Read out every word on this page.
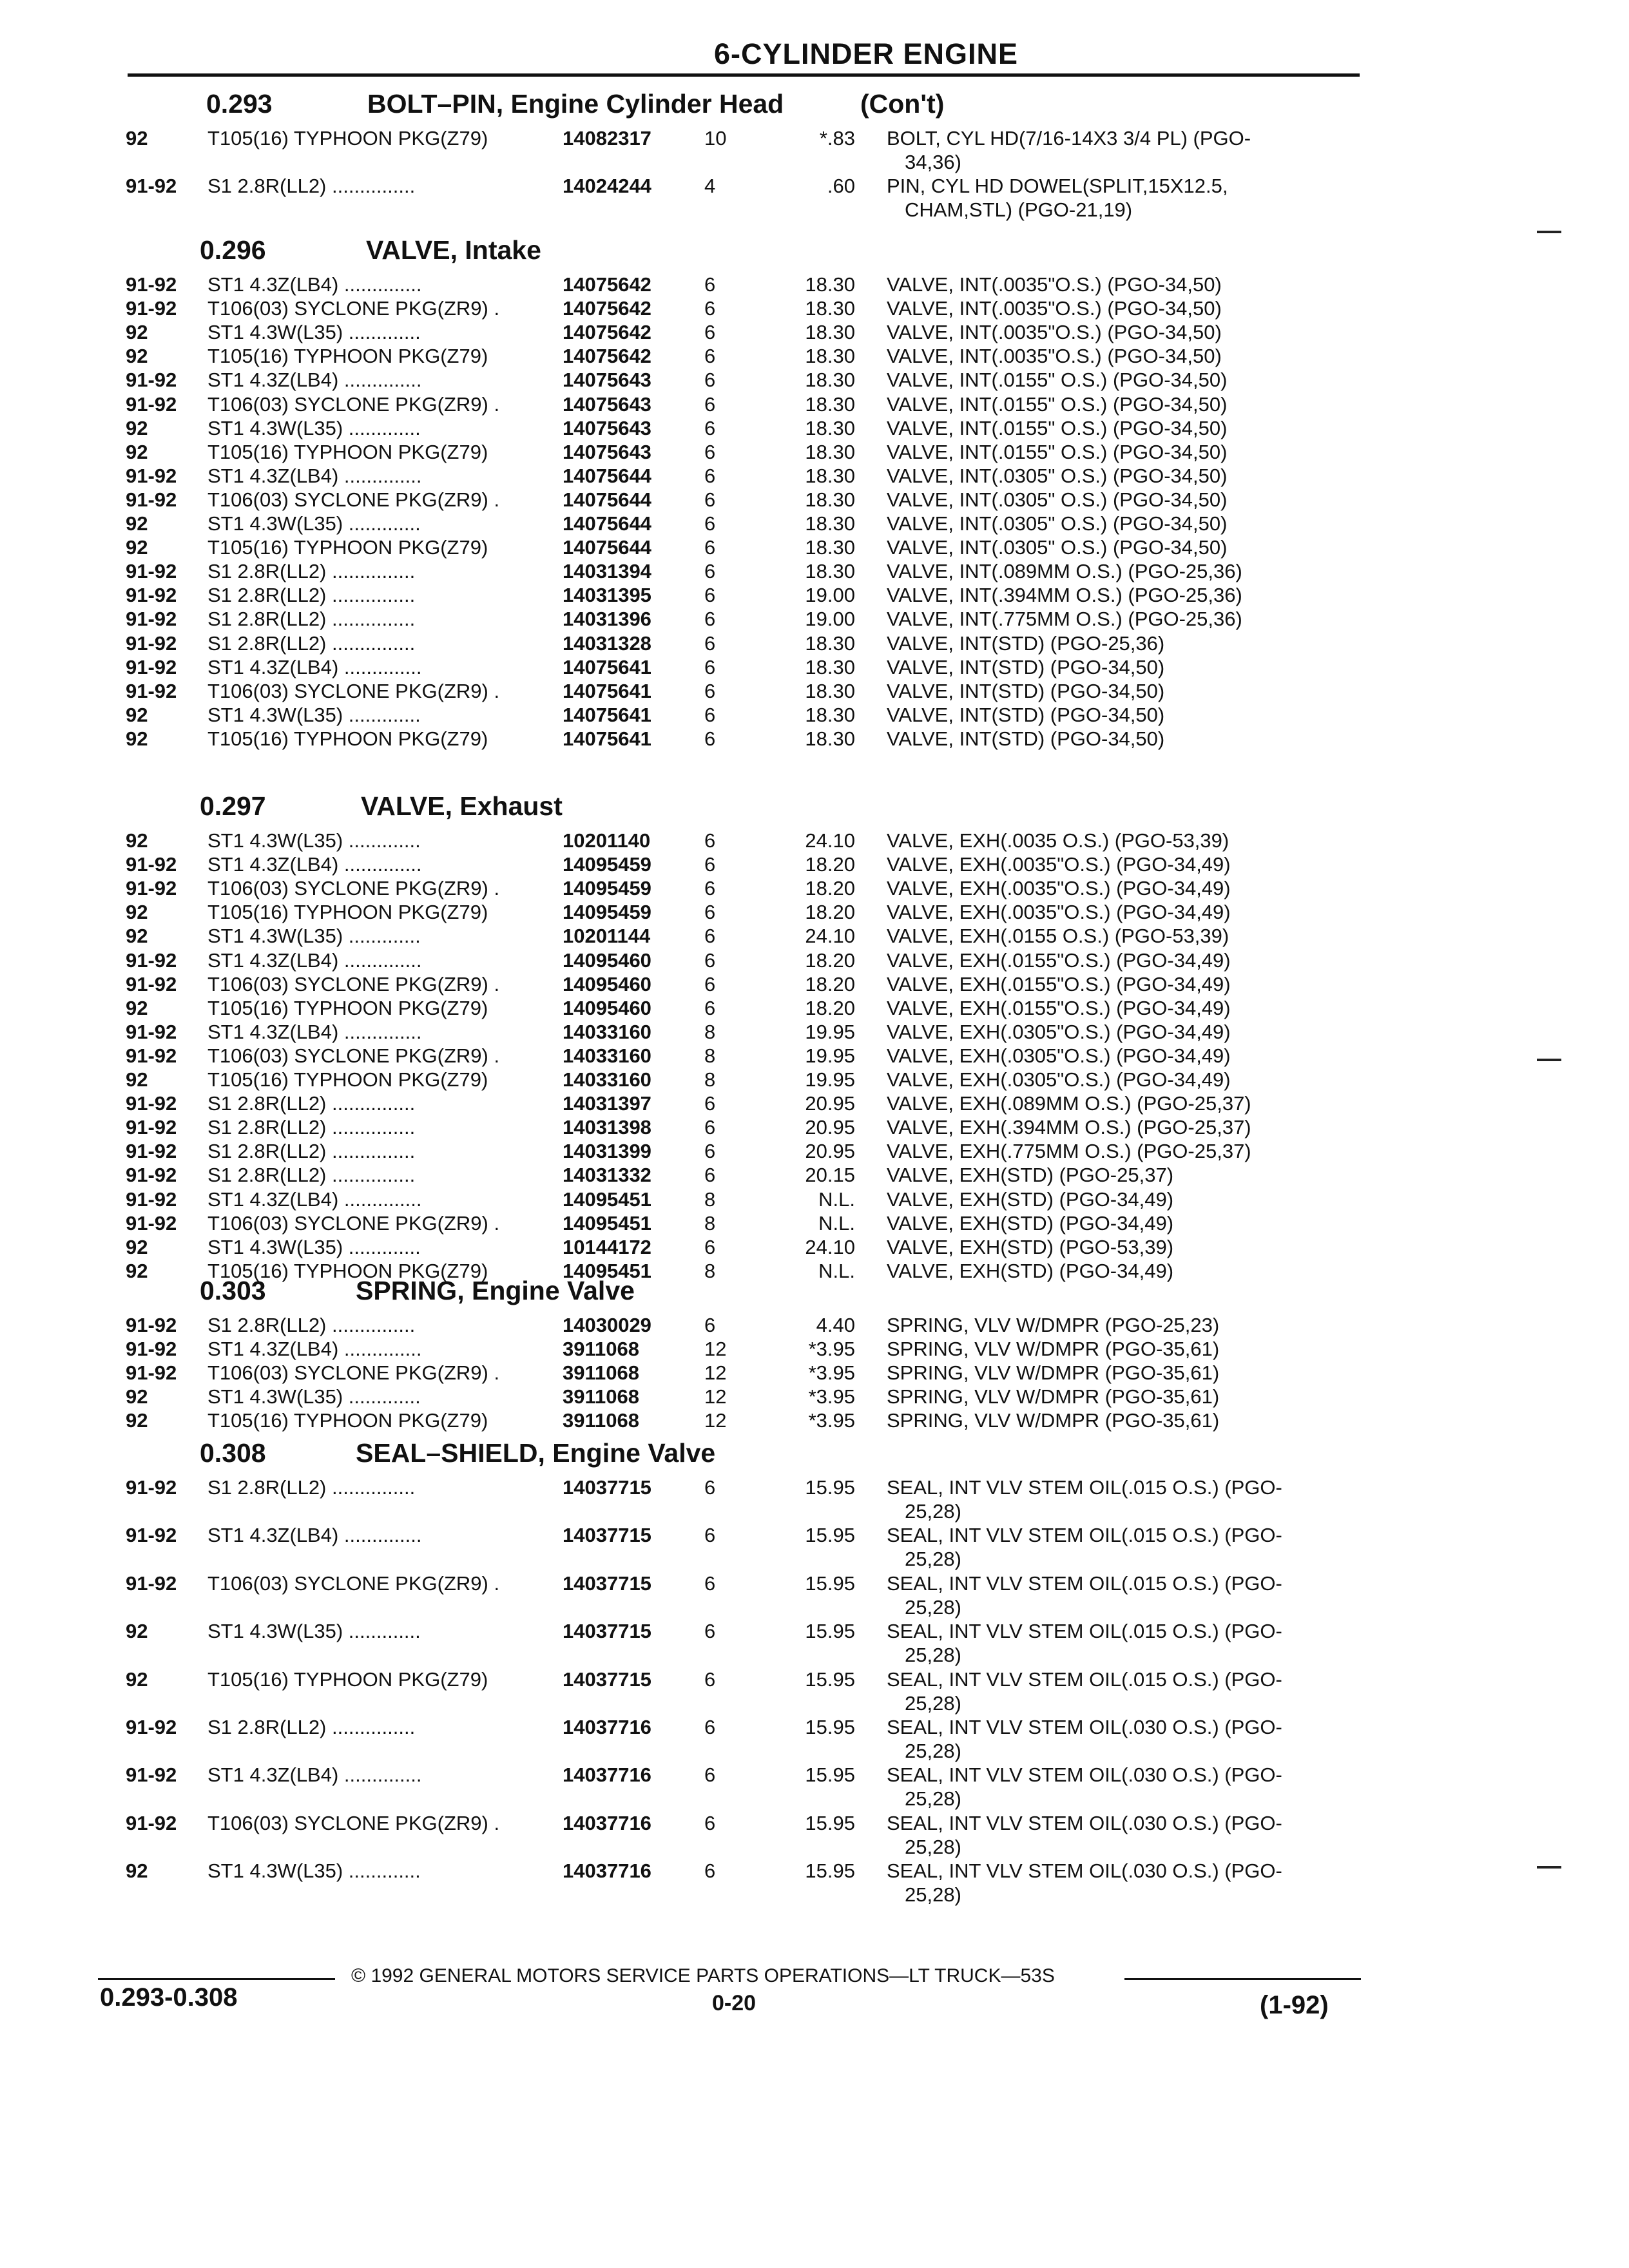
6-CYLINDER ENGINE
0.293	BOLT–PIN, Engine Cylinder Head	(Con't)
92	T105(16) TYPHOON PKG(Z79)	14082317	10	*.83 BOLT, CYL HD(7/16-14X3 3/4 PL) (PGO-
34,36)
91-92 S1 2.8R(LL2) ...............	14024244	4	.60 PIN, CYL HD DOWEL(SPLIT,15X12.5,
CHAM,STL) (PGO-21,19)
0.296	VALVE, Intake
91-92 ST1 4.3Z(LB4) ..............	14075642	6	18.30 VALVE, INT(.0035"O.S.) (PGO-34,50)
91-92 T106(03) SYCLONE PKG(ZR9) .	14075642	6	18.30 VALVE, INT(.0035"O.S.) (PGO-34,50)
92	ST1 4.3W(L35) .............	14075642	6	18.30 VALVE, INT(.0035"O.S.) (PGO-34,50)
92	T105(16) TYPHOON PKG(Z79)	14075642	6	18.30 VALVE, INT(.0035"O.S.) (PGO-34,50)
91-92 ST1 4.3Z(LB4) ..............	14075643	6	18.30 VALVE, INT(.0155" O.S.) (PGO-34,50)
91-92 T106(03) SYCLONE PKG(ZR9) .	14075643	6	18.30 VALVE, INT(.0155" O.S.) (PGO-34,50)
92	ST1 4.3W(L35) .............	14075643	6	18.30 VALVE, INT(.0155" O.S.) (PGO-34,50)
92	T105(16) TYPHOON PKG(Z79)	14075643	6	18.30 VALVE, INT(.0155" O.S.) (PGO-34,50)
91-92 ST1 4.3Z(LB4) ..............	14075644	6	18.30 VALVE, INT(.0305" O.S.) (PGO-34,50)
91-92 T106(03) SYCLONE PKG(ZR9) .	14075644	6	18.30 VALVE, INT(.0305" O.S.) (PGO-34,50)
92	ST1 4.3W(L35) .............	14075644	6	18.30 VALVE, INT(.0305" O.S.) (PGO-34,50)
92	T105(16) TYPHOON PKG(Z79)	14075644	6	18.30 VALVE, INT(.0305" O.S.) (PGO-34,50)
91-92 S1 2.8R(LL2) ...............	14031394	6	18.30 VALVE, INT(.089MM O.S.) (PGO-25,36)
91-92 S1 2.8R(LL2) ...............	14031395	6	19.00 VALVE, INT(.394MM O.S.) (PGO-25,36)
91-92 S1 2.8R(LL2) ...............	14031396	6	19.00 VALVE, INT(.775MM O.S.) (PGO-25,36)
91-92 S1 2.8R(LL2) ...............	14031328	6	18.30 VALVE, INT(STD) (PGO-25,36)
91-92 ST1 4.3Z(LB4) ..............	14075641	6	18.30 VALVE, INT(STD) (PGO-34,50)
91-92 T106(03) SYCLONE PKG(ZR9) .	14075641	6	18.30 VALVE, INT(STD) (PGO-34,50)
92	ST1 4.3W(L35) .............	14075641	6	18.30 VALVE, INT(STD) (PGO-34,50)
92	T105(16) TYPHOON PKG(Z79)	14075641	6	18.30 VALVE, INT(STD) (PGO-34,50)
0.297	VALVE, Exhaust
92	ST1 4.3W(L35) .............	10201140	6	24.10 VALVE, EXH(.0035 O.S.) (PGO-53,39)
91-92 ST1 4.3Z(LB4) ..............	14095459	6	18.20 VALVE, EXH(.0035"O.S.) (PGO-34,49)
91-92 T106(03) SYCLONE PKG(ZR9) .	14095459	6	18.20 VALVE, EXH(.0035"O.S.) (PGO-34,49)
92	T105(16) TYPHOON PKG(Z79)	14095459	6	18.20 VALVE, EXH(.0035"O.S.) (PGO-34,49)
92	ST1 4.3W(L35) .............	10201144	6	24.10 VALVE, EXH(.0155 O.S.) (PGO-53,39)
91-92 ST1 4.3Z(LB4) ..............	14095460	6	18.20 VALVE, EXH(.0155"O.S.) (PGO-34,49)
91-92 T106(03) SYCLONE PKG(ZR9) .	14095460	6	18.20 VALVE, EXH(.0155"O.S.) (PGO-34,49)
92	T105(16) TYPHOON PKG(Z79)	14095460	6	18.20 VALVE, EXH(.0155"O.S.) (PGO-34,49)
91-92 ST1 4.3Z(LB4) ..............	14033160	8	19.95 VALVE, EXH(.0305"O.S.) (PGO-34,49)
91-92 T106(03) SYCLONE PKG(ZR9) .	14033160	8	19.95 VALVE, EXH(.0305"O.S.) (PGO-34,49)
92	T105(16) TYPHOON PKG(Z79)	14033160	8	19.95 VALVE, EXH(.0305"O.S.) (PGO-34,49)
91-92 S1 2.8R(LL2) ...............	14031397	6	20.95 VALVE, EXH(.089MM O.S.) (PGO-25,37)
91-92 S1 2.8R(LL2) ...............	14031398	6	20.95 VALVE, EXH(.394MM O.S.) (PGO-25,37)
91-92 S1 2.8R(LL2) ...............	14031399	6	20.95 VALVE, EXH(.775MM O.S.) (PGO-25,37)
91-92 S1 2.8R(LL2) ...............	14031332	6	20.15 VALVE, EXH(STD) (PGO-25,37)
91-92 ST1 4.3Z(LB4) ..............	14095451	8	N.L. VALVE, EXH(STD) (PGO-34,49)
91-92 T106(03) SYCLONE PKG(ZR9) .	14095451	8	N.L. VALVE, EXH(STD) (PGO-34,49)
92	ST1 4.3W(L35) .............	10144172	6	24.10 VALVE, EXH(STD) (PGO-53,39)
92	T105(16) TYPHOON PKG(Z79)	14095451	8	N.L. VALVE, EXH(STD) (PGO-34,49)
0.303	SPRING, Engine Valve
91-92 S1 2.8R(LL2) ...............	14030029	6	4.40 SPRING, VLV W/DMPR (PGO-25,23)
91-92 ST1 4.3Z(LB4) ..............	3911068	12	*3.95 SPRING, VLV W/DMPR (PGO-35,61)
91-92 T106(03) SYCLONE PKG(ZR9) .	3911068	12	*3.95 SPRING, VLV W/DMPR (PGO-35,61)
92	ST1 4.3W(L35) .............	3911068	12	*3.95 SPRING, VLV W/DMPR (PGO-35,61)
92	T105(16) TYPHOON PKG(Z79)	3911068	12	*3.95 SPRING, VLV W/DMPR (PGO-35,61)
0.308	SEAL–SHIELD, Engine Valve
91-92 S1 2.8R(LL2) ...............	14037715	6	15.95 SEAL, INT VLV STEM OIL(.015 O.S.) (PGO-
25,28)
91-92 ST1 4.3Z(LB4) ..............	14037715	6	15.95 SEAL, INT VLV STEM OIL(.015 O.S.) (PGO-
25,28)
91-92 T106(03) SYCLONE PKG(ZR9) .	14037715	6	15.95 SEAL, INT VLV STEM OIL(.015 O.S.) (PGO-
25,28)
92	ST1 4.3W(L35) .............	14037715	6	15.95 SEAL, INT VLV STEM OIL(.015 O.S.) (PGO-
25,28)
92	T105(16) TYPHOON PKG(Z79)	14037715	6	15.95 SEAL, INT VLV STEM OIL(.015 O.S.) (PGO-
25,28)
91-92 S1 2.8R(LL2) ...............	14037716	6	15.95 SEAL, INT VLV STEM OIL(.030 O.S.) (PGO-
25,28)
91-92 ST1 4.3Z(LB4) ..............	14037716	6	15.95 SEAL, INT VLV STEM OIL(.030 O.S.) (PGO-
25,28)
91-92 T106(03) SYCLONE PKG(ZR9) .	14037716	6	15.95 SEAL, INT VLV STEM OIL(.030 O.S.) (PGO-
25,28)
92	ST1 4.3W(L35) .............	14037716	6	15.95 SEAL, INT VLV STEM OIL(.030 O.S.) (PGO-
25,28)
© 1992 GENERAL MOTORS SERVICE PARTS OPERATIONS—LT TRUCK—53S
0.293-0.308	0-20	(1-92)
